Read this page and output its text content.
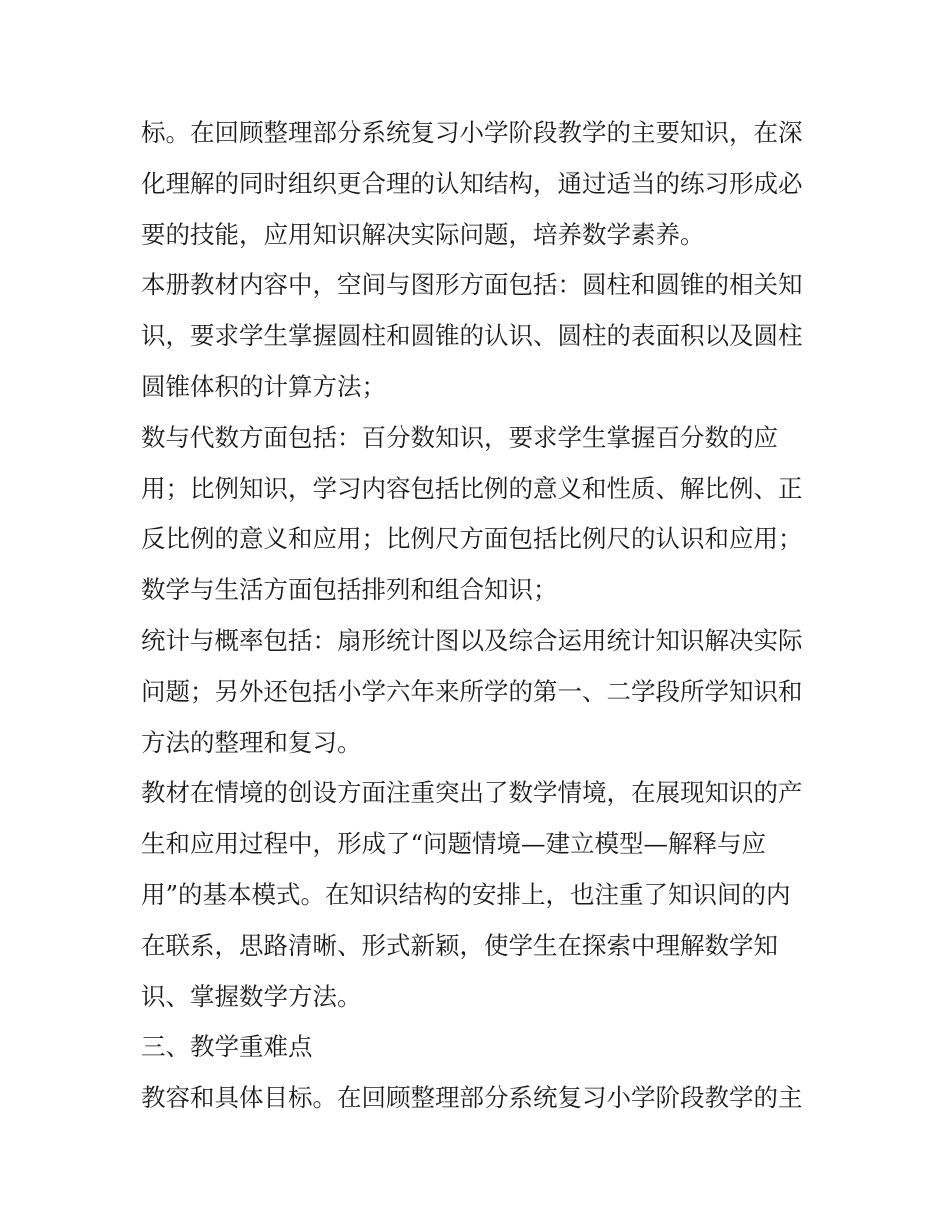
标。在回顾整理部分系统复习小学阶段教学的主要知识，在深
化理解的同时组织更合理的认知结构，通过适当的练习形成必
要的技能，应用知识解决实际问题，培养数学素养。
本册教材内容中，空间与图形方面包括：圆柱和圆锥的相关知
识，要求学生掌握圆柱和圆锥的认识、圆柱的表面积以及圆柱
圆锥体积的计算方法；
数与代数方面包括：百分数知识，要求学生掌握百分数的应
用；比例知识，学习内容包括比例的意义和性质、解比例、正
反比例的意义和应用；比例尺方面包括比例尺的认识和应用；
数学与生活方面包括排列和组合知识；
统计与概率包括：扇形统计图以及综合运用统计知识解决实际
问题；另外还包括小学六年来所学的第一、二学段所学知识和
方法的整理和复习。
教材在情境的创设方面注重突出了数学情境，在展现知识的产
生和应用过程中，形成了“问题情境—建立模型—解释与应
用”的基本模式。在知识结构的安排上，也注重了知识间的内
在联系，思路清晰、形式新颖，使学生在探索中理解数学知
识、掌握数学方法。
三、教学重难点
教容和具体目标。在回顾整理部分系统复习小学阶段教学的主
